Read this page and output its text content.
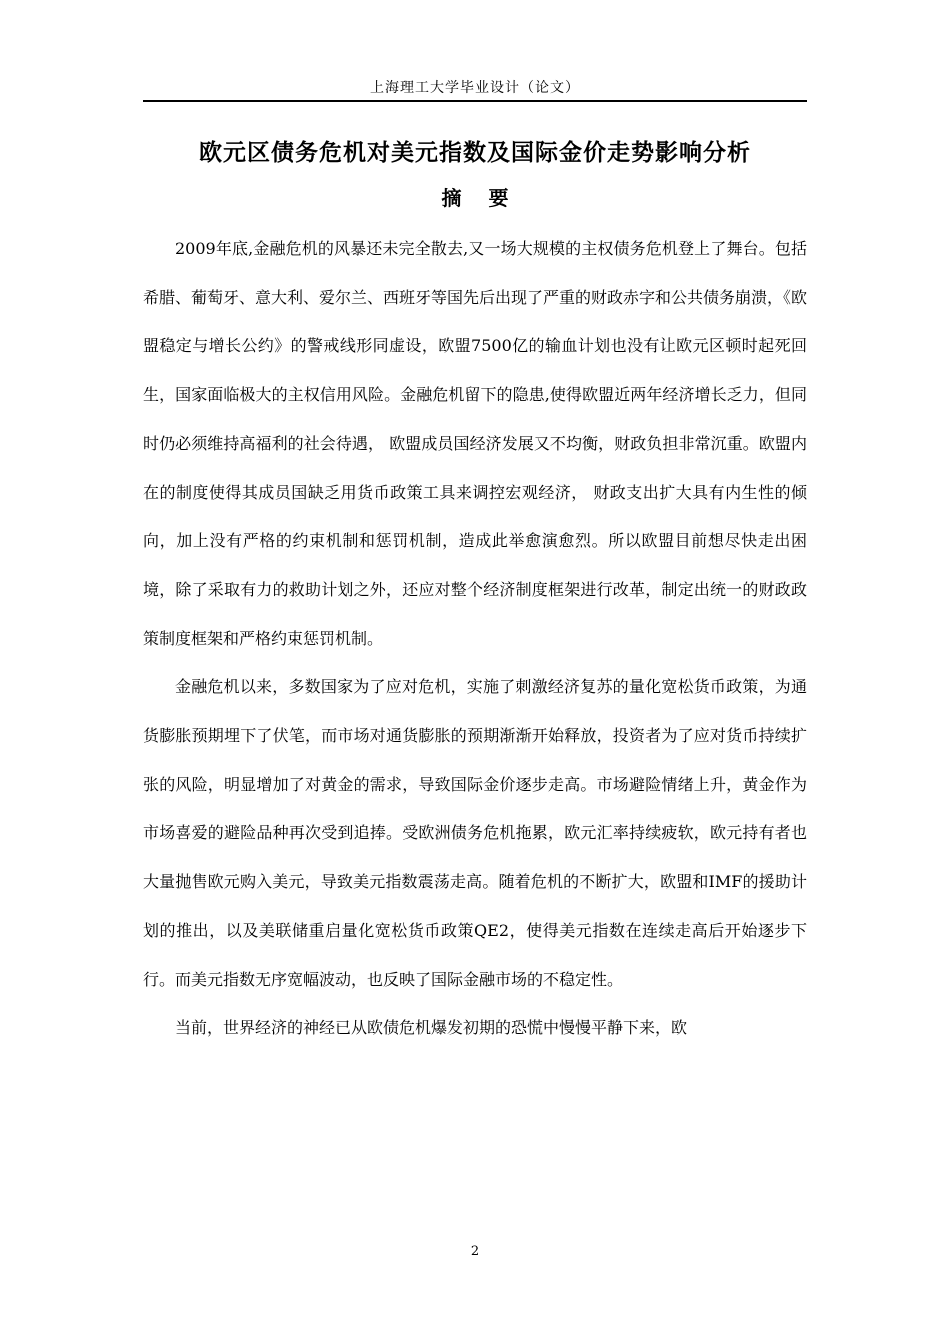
上海理工大学毕业设计（论文）
欧元区债务危机对美元指数及国际金价走势影响分析
摘 要

2009年底,金融危机的风暴还未完全散去,又一场大规模的主权债务危机登上了舞台。包括希腊、葡萄牙、意大利、爱尔兰、西班牙等国先后出现了严重的财政赤字和公共债务崩溃，《欧盟稳定与增长公约》的警戒线形同虚设，欧盟7500亿的输血计划也没有让欧元区顿时起死回生，国家面临极大的主权信用风险。金融危机留下的隐患,使得欧盟近两年经济增长乏力，但同时仍必须维持高福利的社会待遇， 欧盟成员国经济发展又不均衡，财政负担非常沉重。欧盟内在的制度使得其成员国缺乏用货币政策工具来调控宏观经济， 财政支出扩大具有内生性的倾向，加上没有严格的约束机制和惩罚机制，造成此举愈演愈烈。所以欧盟目前想尽快走出困境，除了采取有力的救助计划之外，还应对整个经济制度框架进行改革，制定出统一的财政政策制度框架和严格约束惩罚机制。

金融危机以来，多数国家为了应对危机，实施了刺激经济复苏的量化宽松货币政策，为通货膨胀预期埋下了伏笔，而市场对通货膨胀的预期渐渐开始释放，投资者为了应对货币持续扩张的风险，明显增加了对黄金的需求，导致国际金价逐步走高。市场避险情绪上升，黄金作为市场喜爱的避险品种再次受到追捧。受欧洲债务危机拖累，欧元汇率持续疲软，欧元持有者也大量抛售欧元购入美元，导致美元指数震荡走高。随着危机的不断扩大，欧盟和IMF的援助计划的推出，以及美联储重启量化宽松货币政策QE2，使得美元指数在连续走高后开始逐步下行。而美元指数无序宽幅波动，也反映了国际金融市场的不稳定性。

当前，世界经济的神经已从欧债危机爆发初期的恐慌中慢慢平静下来，欧

2
